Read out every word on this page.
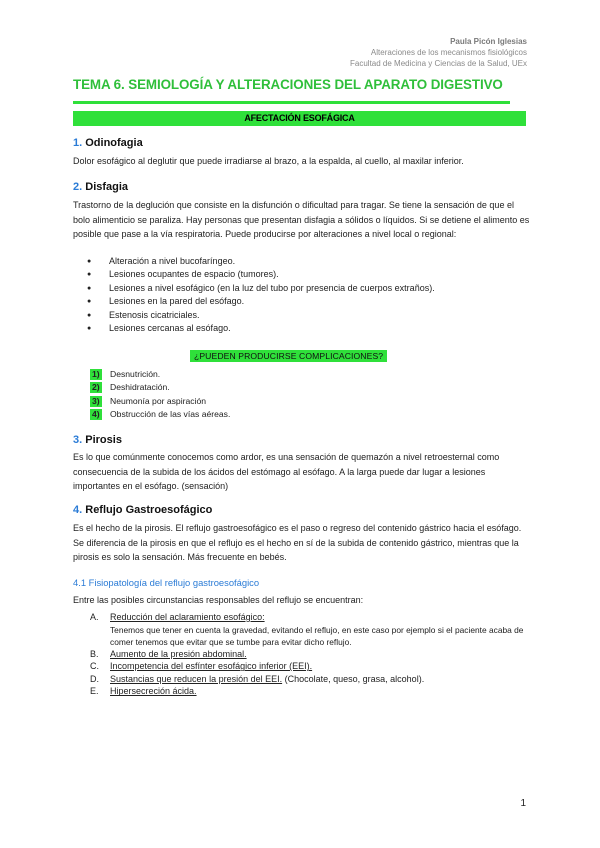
Paula Picón Iglesias
Alteraciones de los mecanismos fisiológicos
Facultad de Medicina y Ciencias de la Salud, UEx
TEMA 6. SEMIOLOGÍA Y ALTERACIONES DEL APARATO DIGESTIVO
AFECTACIÓN ESOFÁGICA
1. Odinofagia
Dolor esofágico al deglutir que puede irradiarse al brazo, a la espalda, al cuello, al maxilar inferior.
2. Disfagia
Trastorno de la deglución que consiste en la disfunción o dificultad para tragar. Se tiene la sensación de que el bolo alimenticio se paraliza. Hay personas que presentan disfagia a sólidos o líquidos. Si se detiene el alimento es posible que pase a la vía respiratoria. Puede producirse por alteraciones a nivel local o regional:
● Alteración a nivel bucofaríngeo.
● Lesiones ocupantes de espacio (tumores).
● Lesiones a nivel esofágico (en la luz del tubo por presencia de cuerpos extraños).
● Lesiones en la pared del esófago.
● Estenosis cicatriciales.
● Lesiones cercanas al esófago.
¿PUEDEN PRODUCIRSE COMPLICACIONES?
1) Desnutrición.
2) Deshidratación.
3) Neumonía por aspiración
4) Obstrucción de las vías aéreas.
3. Pirosis
Es lo que comúnmente conocemos como ardor, es una sensación de quemazón a nivel retroesternal como consecuencia de la subida de los ácidos del estómago al esófago. A la larga puede dar lugar a lesiones importantes en el esófago. (sensación)
4. Reflujo Gastroesofágico
Es el hecho de la pirosis. El reflujo gastroesofágico es el paso o regreso del contenido gástrico hacia el esófago. Se diferencia de la pirosis en que el reflujo es el hecho en sí de la subida de contenido gástrico, mientras que la pirosis es solo la sensación. Más frecuente en bebés.
4.1 Fisiopatología del reflujo gastroesofágico
Entre las posibles circunstancias responsables del reflujo se encuentran:
A. Reducción del aclaramiento esofágico:
Tenemos que tener en cuenta la gravedad, evitando el reflujo, en este caso por ejemplo si el paciente acaba de comer tenemos que evitar que se tumbe para evitar dicho reflujo.
B. Aumento de la presión abdominal.
C. Incompetencia del esfínter esofágico inferior (EEI).
D. Sustancias que reducen la presión del EEI. (Chocolate, queso, grasa, alcohol).
E. Hipersecreción ácida.
1
